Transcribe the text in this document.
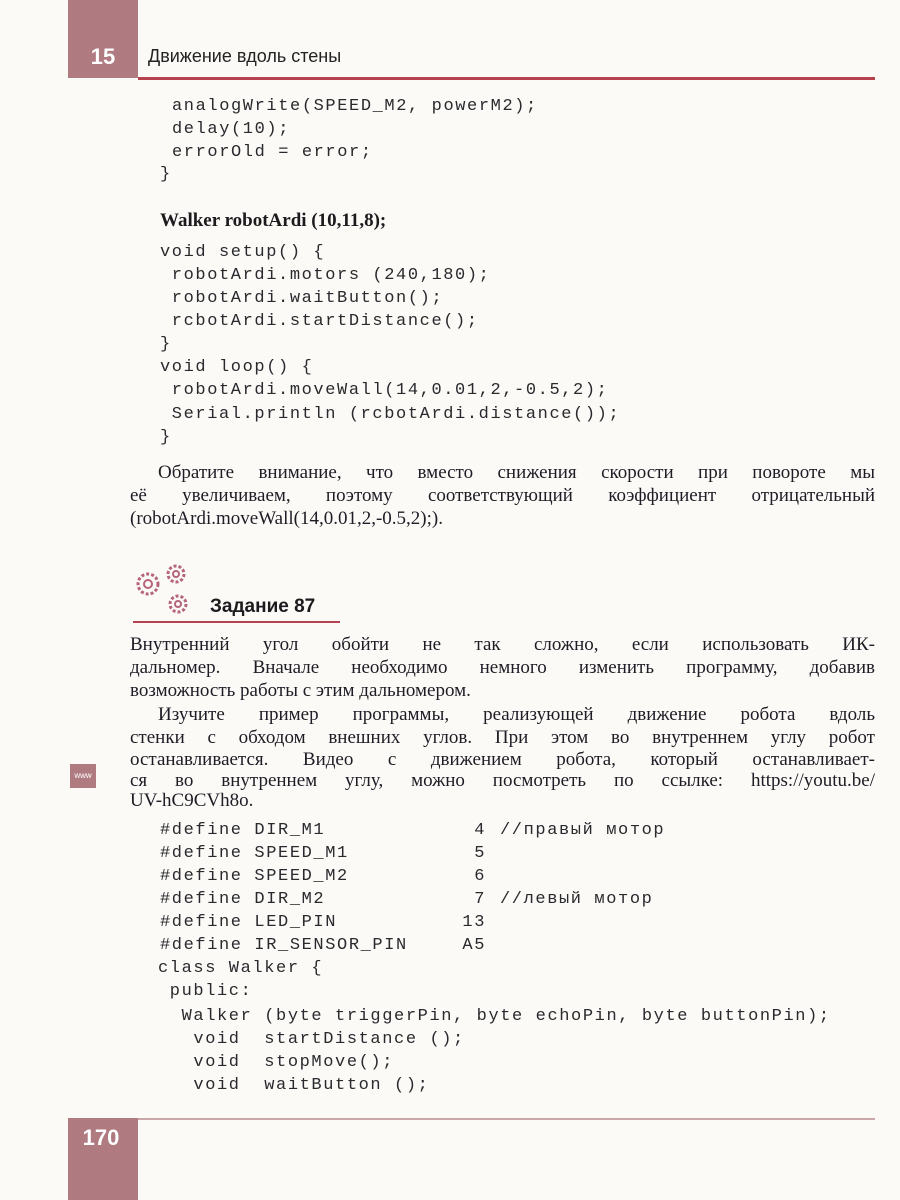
15	Движение вдоль стены
analogWrite(SPEED_M2, powerM2);
delay(10);
errorOld = error;
}
Walker robotArdi (10,11,8);
void setup() {
robotArdi.motors (240,180);
robotArdi.waitButton();
rcbotArdi.startDistance();
}
void loop() {
robotArdi.moveWall(14,0.01,2,-0.5,2);
Serial.println (rcbotArdi.distance());
}
Обратите внимание, что вместо снижения скорости при повороте мы
её увеличиваем, поэтому соответствующий коэффициент отрицательный
(robotArdi.moveWall(14,0.01,2,-0.5,2);).
Задание 87
Внутренний угол обойти не так сложно, если использовать ИК-
дальномер. Вначале необходимо немного изменить программу, добавив
возможность работы с этим дальномером.
Изучите пример программы, реализующей движение робота вдоль
стенки с обходом внешних углов. При этом во внутреннем углу робот
останавливается. Видео с движением робота, который останавливает-
ся во внутреннем углу, можно посмотреть по ссылке: https://youtu.be/
UV-hC9CVh8o.
www
#define DIR_M1	4 //правый мотор
#define SPEED_M1	5
#define SPEED_M2	6
#define DIR_M2	7 //левый мотор
#define LED_PIN	13
#define IR_SENSOR_PIN	A5
class Walker {
public:
Walker (byte triggerPin, byte echoPin, byte buttonPin);
void  startDistance ();
void  stopMove();
void  waitButton ();
170
